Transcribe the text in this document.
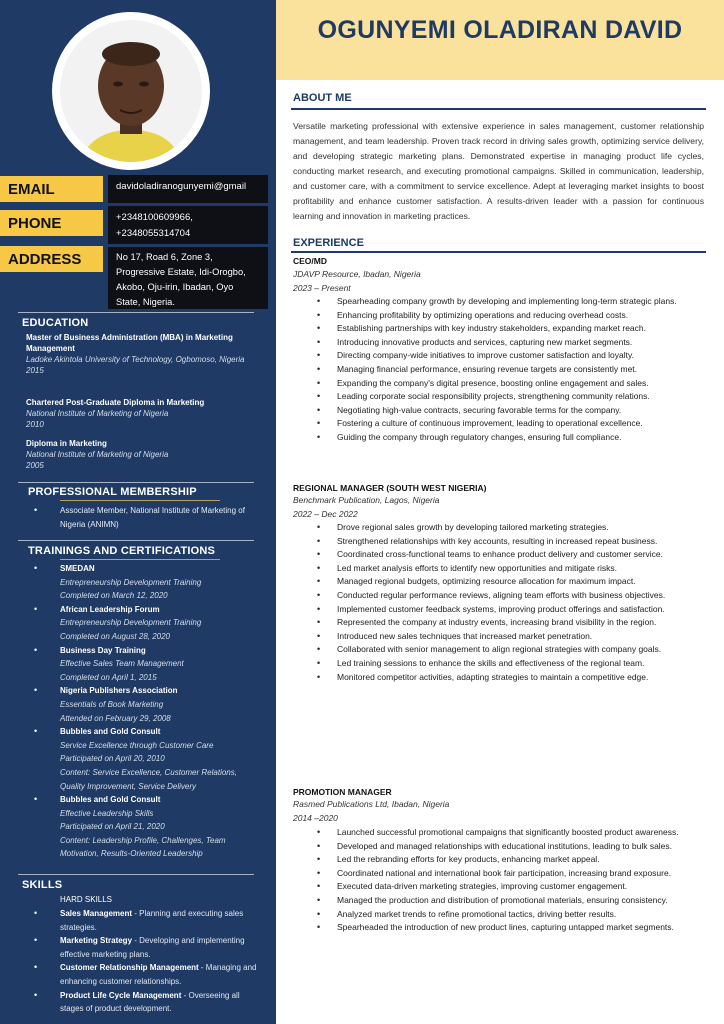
EMAIL	davidoladiranogunyemi@gmail
PHONE	+2348100609966,
+2348055314704
ADDRESS	No 17, Road 6, Zone 3, Progressive Estate, Idi-Orogbo, Akobo, Oju-irin, Ibadan, Oyo State, Nigeria.
EDUCATION
Master of Business Administration (MBA) in Marketing Management
Ladoke Akintola University of Technology, Ogbomoso, Nigeria
2015
Chartered Post-Graduate Diploma in Marketing
National Institute of Marketing of Nigeria
2010
Diploma in Marketing
National Institute of Marketing of Nigeria
2005
PROFESSIONAL MEMBERSHIP
• Associate Member, National Institute of Marketing of Nigeria (ANIMN)
TRAININGS AND CERTIFICATIONS
• SMEDAN
Entrepreneurship Development Training
Completed on March 12, 2020
• African Leadership Forum
Entrepreneurship Development Training
Completed on August 28, 2020
• Business Day Training
Effective Sales Team Management
Completed on April 1, 2015
• Nigeria Publishers Association
Essentials of Book Marketing
Attended on February 29, 2008
• Bubbles and Gold Consult
Service Excellence through Customer Care
Participated on April 20, 2010
Content: Service Excellence, Customer Relations, Quality Improvement, Service Delivery
• Bubbles and Gold Consult
Effective Leadership Skills
Participated on April 21, 2020
Content: Leadership Profile, Challenges, Team Motivation, Results-Oriented Leadership
SKILLS
HARD SKILLS
• Sales Management - Planning and executing sales strategies.
• Marketing Strategy - Developing and implementing effective marketing plans.
• Customer Relationship Management - Managing and enhancing customer relationships.
• Product Life Cycle Management - Overseeing all stages of product development.
OGUNYEMI OLADIRAN DAVID
ABOUT ME
Versatile marketing professional with extensive experience in sales management, customer relationship management, and team leadership. Proven track record in driving sales growth, optimizing service delivery, and developing strategic marketing plans. Demonstrated expertise in managing product life cycles, conducting market research, and executing promotional campaigns. Skilled in communication, leadership, and customer care, with a commitment to service excellence. Adept at leveraging market insights to boost profitability and enhance customer satisfaction. A results-driven leader with a passion for continuous learning and innovation in marketing practices.
EXPERIENCE
CEO/MD
JDAVP Resource, Ibadan, Nigeria
2023 – Present
• Spearheading company growth by developing and implementing long-term strategic plans.
• Enhancing profitability by optimizing operations and reducing overhead costs.
• Establishing partnerships with key industry stakeholders, expanding market reach.
• Introducing innovative products and services, capturing new market segments.
• Directing company-wide initiatives to improve customer satisfaction and loyalty.
• Managing financial performance, ensuring revenue targets are consistently met.
• Expanding the company's digital presence, boosting online engagement and sales.
• Leading corporate social responsibility projects, strengthening community relations.
• Negotiating high-value contracts, securing favorable terms for the company.
• Fostering a culture of continuous improvement, leading to operational excellence.
• Guiding the company through regulatory changes, ensuring full compliance.
REGIONAL MANAGER (SOUTH WEST NIGERIA)
Benchmark Publication, Lagos, Nigeria
2022 – Dec 2022
• Drove regional sales growth by developing tailored marketing strategies.
• Strengthened relationships with key accounts, resulting in increased repeat business.
• Coordinated cross-functional teams to enhance product delivery and customer service.
• Led market analysis efforts to identify new opportunities and mitigate risks.
• Managed regional budgets, optimizing resource allocation for maximum impact.
• Conducted regular performance reviews, aligning team efforts with business objectives.
• Implemented customer feedback systems, improving product offerings and satisfaction.
• Represented the company at industry events, increasing brand visibility in the region.
• Introduced new sales techniques that increased market penetration.
• Collaborated with senior management to align regional strategies with company goals.
• Led training sessions to enhance the skills and effectiveness of the regional team.
• Monitored competitor activities, adapting strategies to maintain a competitive edge.
PROMOTION MANAGER
Rasmed Publications Ltd, Ibadan, Nigeria
2014 –2020
• Launched successful promotional campaigns that significantly boosted product awareness.
• Developed and managed relationships with educational institutions, leading to bulk sales.
• Led the rebranding efforts for key products, enhancing market appeal.
• Coordinated national and international book fair participation, increasing brand exposure.
• Executed data-driven marketing strategies, improving customer engagement.
• Managed the production and distribution of promotional materials, ensuring consistency.
• Analyzed market trends to refine promotional tactics, driving better results.
• Spearheaded the introduction of new product lines, capturing untapped market segments.
